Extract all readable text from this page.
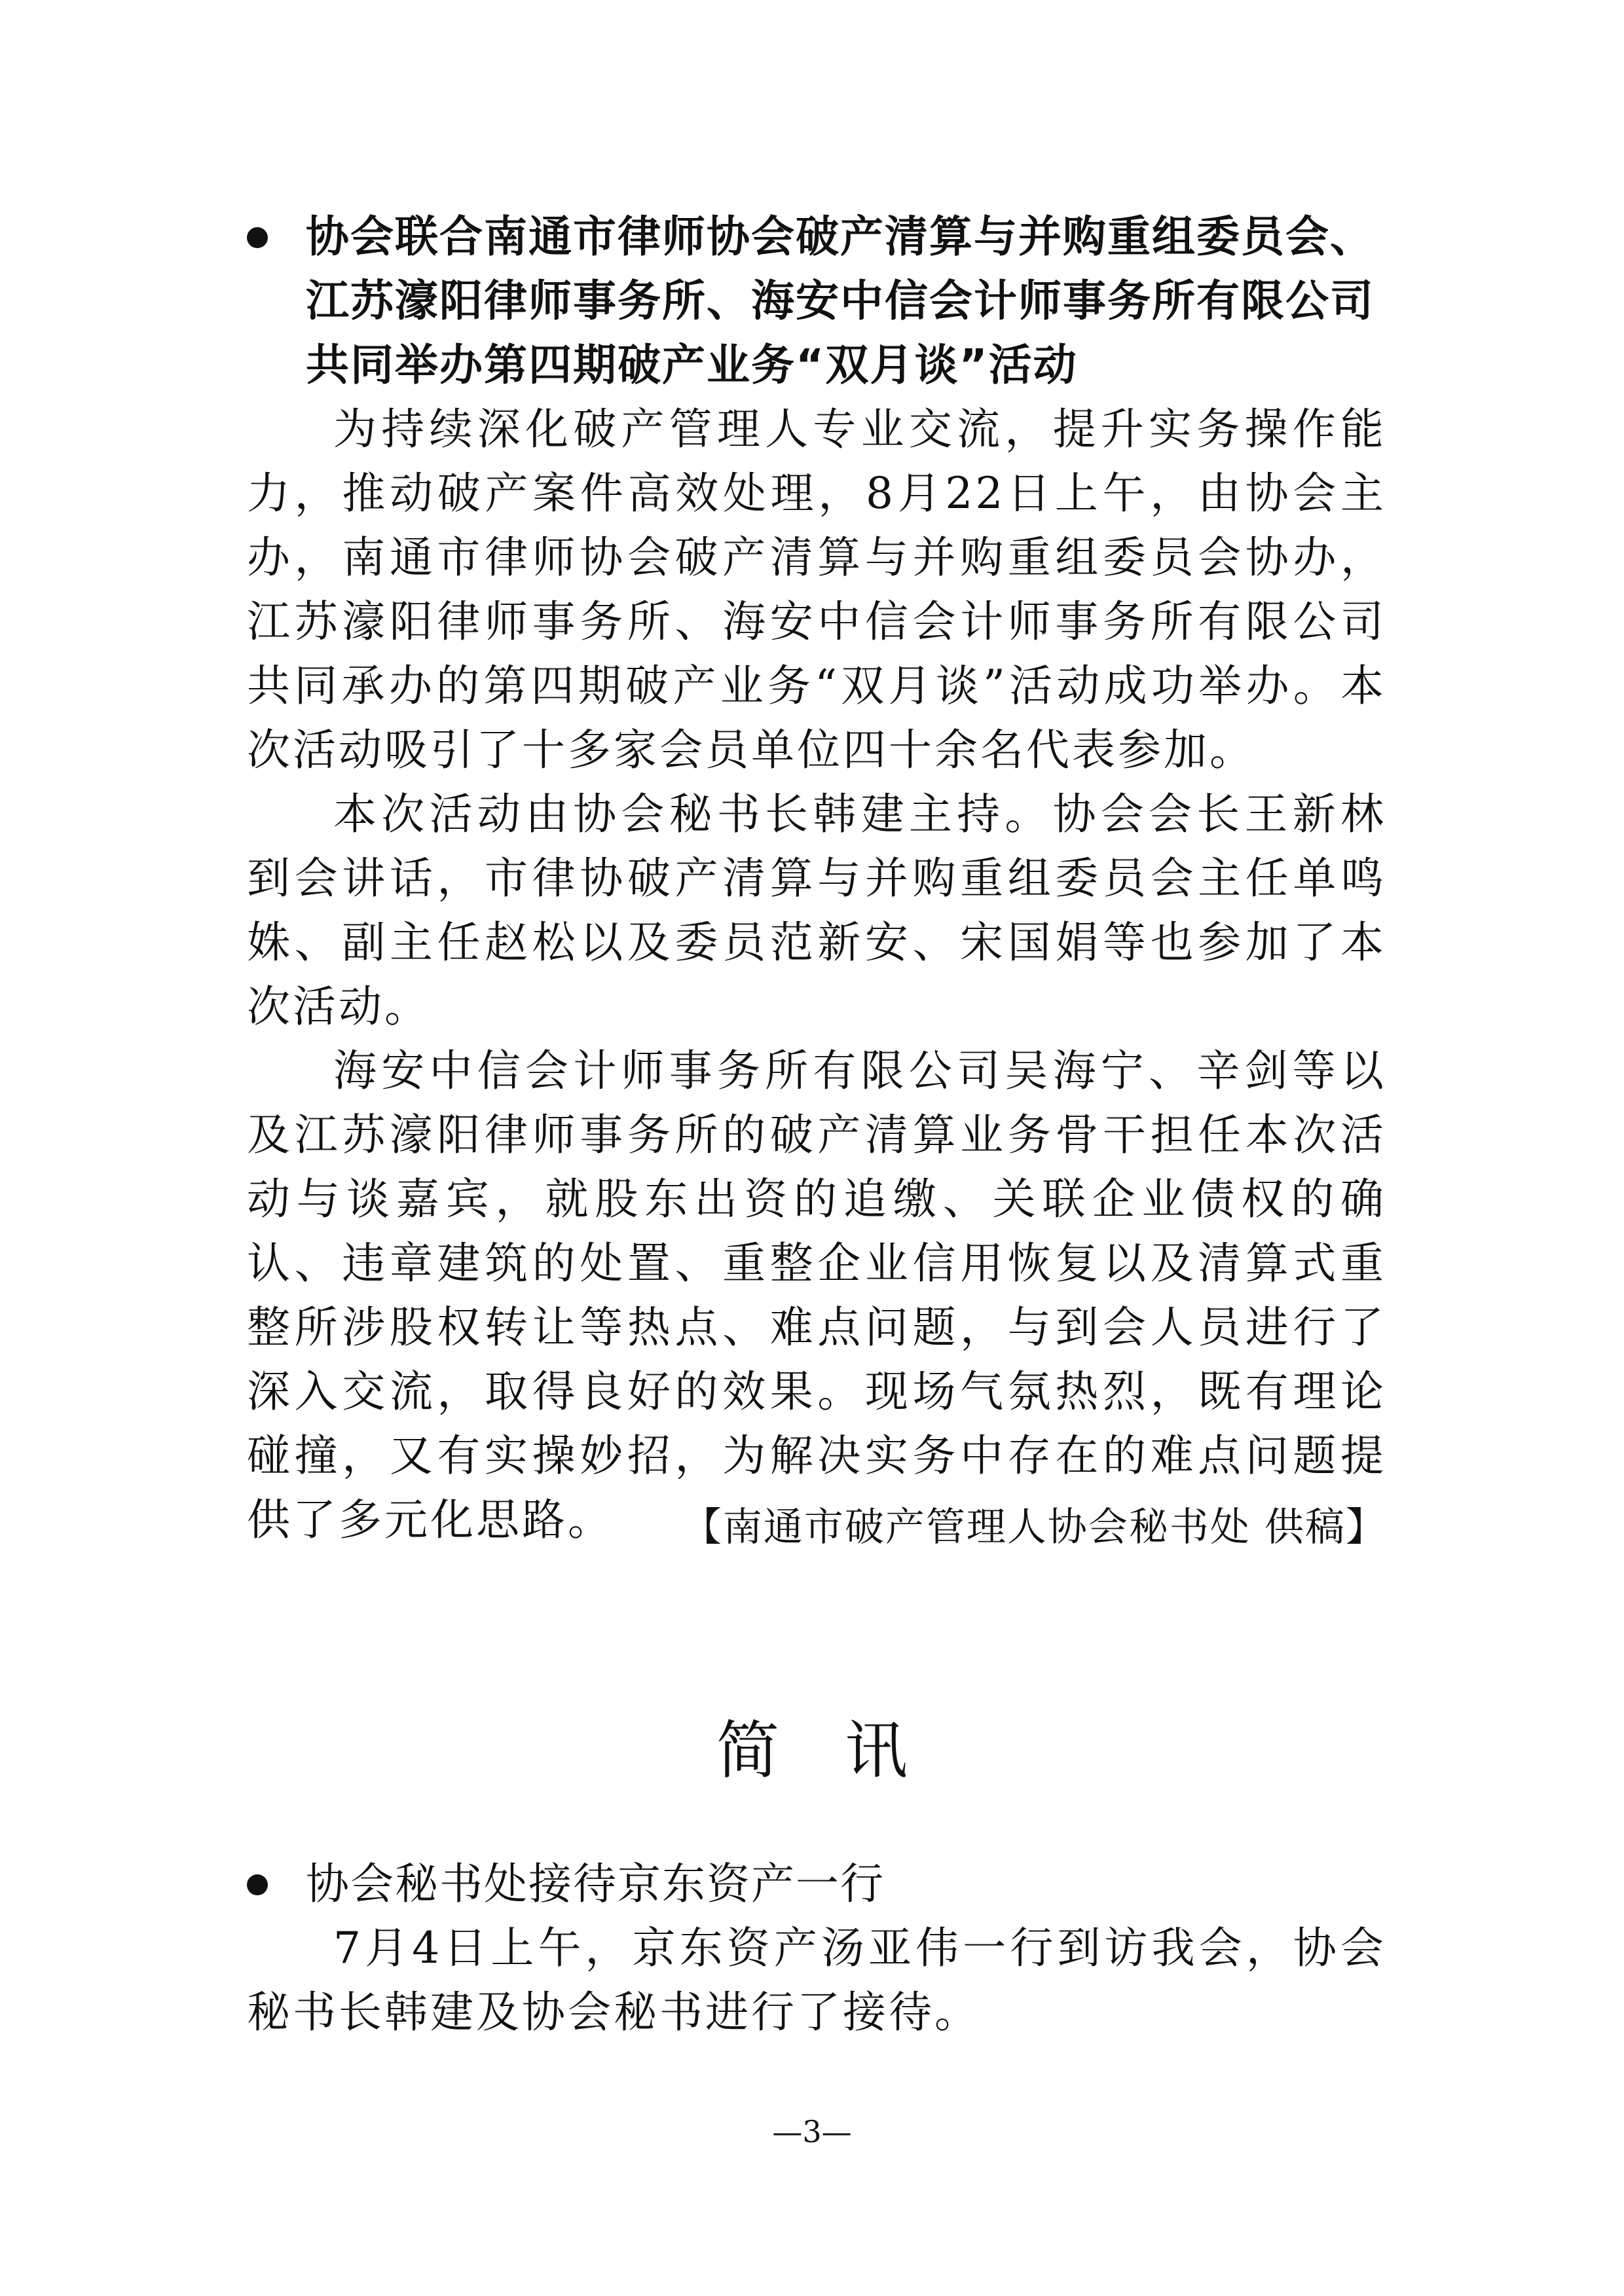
协会联合南通市律师协会破产清算与并购重组委员会、江苏濠阳律师事务所、海安中信会计师事务所有限公司共同举办第四期破产业务“双月谈”活动

为持续深化破产管理人专业交流，提升实务操作能力，推动破产案件高效处理，8月22日上午，由协会主办，南通市律师协会破产清算与并购重组委员会协办，江苏濠阳律师事务所、海安中信会计师事务所有限公司共同承办的第四期破产业务“双月谈”活动成功举办。本次活动吸引了十多家会员单位四十余名代表参加。

本次活动由协会秘书长韩建主持。协会会长王新林到会讲话，市律协破产清算与并购重组委员会主任单鸣姝、副主任赵松以及委员范新安、宋国娟等也参加了本次活动。

海安中信会计师事务所有限公司吴海宁、辛剑等以及江苏濠阳律师事务所的破产清算业务骨干担任本次活动与谈嘉宾，就股东出资的追缴、关联企业债权的确认、违章建筑的处置、重整企业信用恢复以及清算式重整所涉股权转让等热点、难点问题，与到会人员进行了深入交流，取得良好的效果。现场气氛热烈，既有理论碰撞，又有实操妙招，为解决实务中存在的难点问题提供了多元化思路。	【南通市破产管理人协会秘书处 供稿】
简讯
协会秘书处接待京东资产一行

7月4日上午，京东资产汤亚伟一行到访我会，协会秘书长韩建及协会秘书进行了接待。

—3—
